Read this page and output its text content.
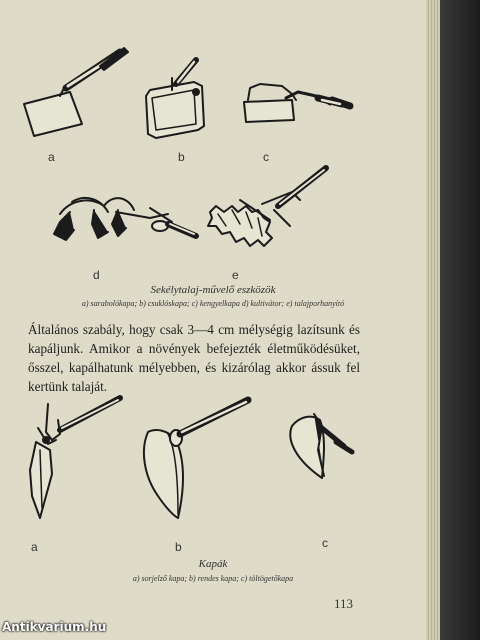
a	b	c
d	e
Sekélytalaj-művelő eszközök
a) sarabolókapa; b) csuklóskapa; c) kengyelkapa d) kultivátor; e) talajporhanyító
Általános szabály, hogy csak 3—4 cm mélységig lazítsunk és kapáljunk. Amikor a növények befejezték életműködésüket, ősszel, kapálhatunk mélyebben, és kizárólag akkor ássuk fel kertünk talaját.
a	b	c
Kapák
a) sorjelző kapa; b) rendes kapa; c) töltögetőkapa
113
Antikvarium.hu
